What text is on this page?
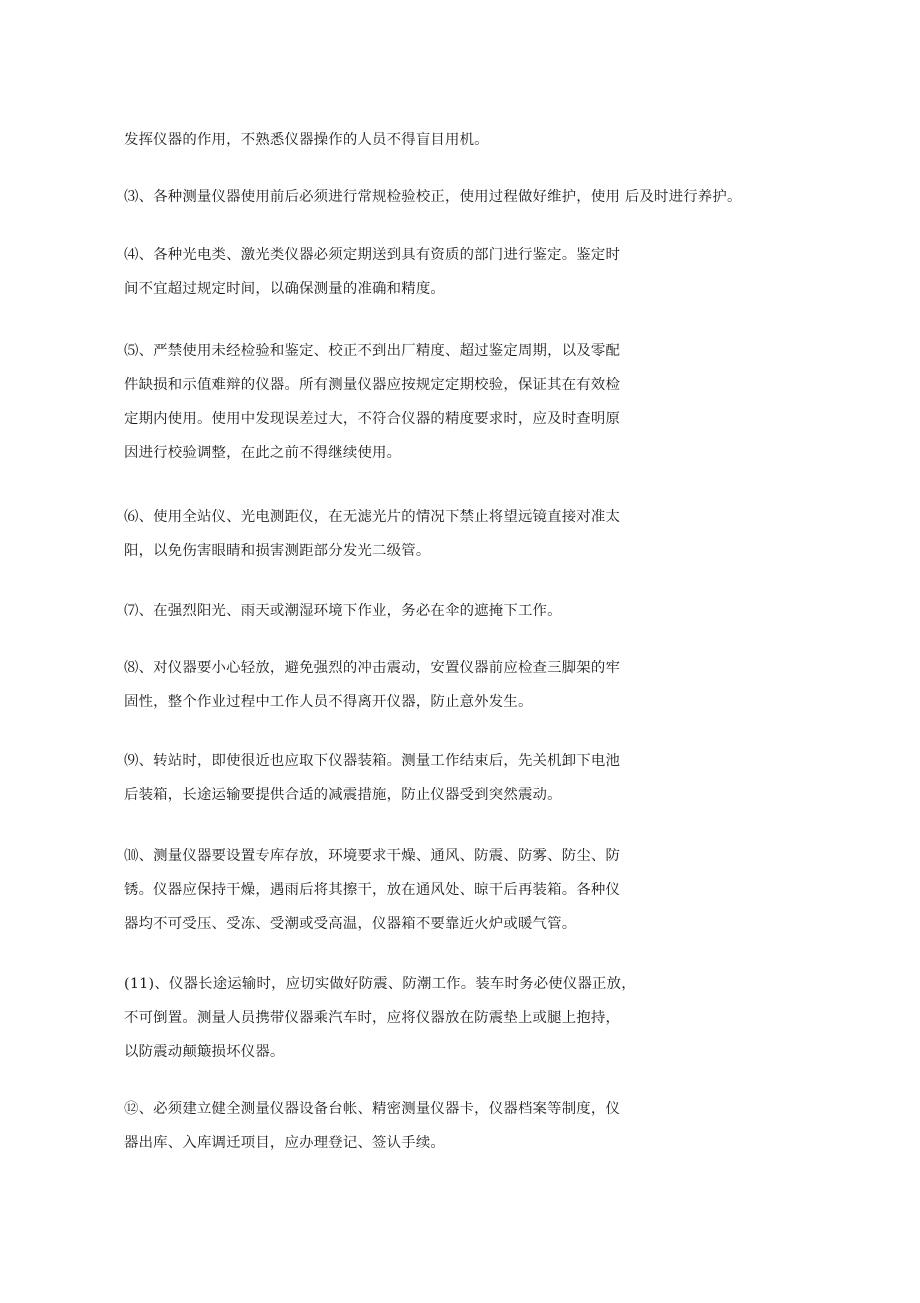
发挥仪器的作用，不熟悉仪器操作的人员不得盲目用机。

⑶、各种测量仪器使用前后必须进行常规检验校正，使用过程做好维护，使用 后及时进行养护。

⑷、各种光电类、激光类仪器必须定期送到具有资质的部门进行鉴定。鉴定时
间不宜超过规定时间，以确保测量的准确和精度。

⑸、严禁使用未经检验和鉴定、校正不到出厂精度、超过鉴定周期，以及零配
件缺损和示值难辩的仪器。所有测量仪器应按规定定期校验，保证其在有效检
定期内使用。使用中发现误差过大，不符合仪器的精度要求时，应及时查明原
因进行校验调整，在此之前不得继续使用。

⑹、使用全站仪、光电测距仪，在无滤光片的情况下禁止将望远镜直接对准太
阳，以免伤害眼睛和损害测距部分发光二级管。

⑺、在强烈阳光、雨天或潮湿环境下作业，务必在伞的遮掩下工作。

⑻、对仪器要小心轻放，避免强烈的冲击震动，安置仪器前应检查三脚架的牢
固性，整个作业过程中工作人员不得离开仪器，防止意外发生。

⑼、转站时，即使很近也应取下仪器装箱。测量工作结束后，先关机卸下电池
后装箱，长途运输要提供合适的减震措施，防止仪器受到突然震动。

⑽、测量仪器要设置专库存放，环境要求干燥、通风、防震、防雾、防尘、防
锈。仪器应保持干燥，遇雨后将其擦干，放在通风处、晾干后再装箱。各种仪
器均不可受压、受冻、受潮或受高温，仪器箱不要靠近火炉或暖气管。

(11)、仪器长途运输时，应切实做好防震、防潮工作。装车时务必使仪器正放，
不可倒置。测量人员携带仪器乘汽车时，应将仪器放在防震垫上或腿上抱持，
以防震动颠簸损坏仪器。

⑫、必须建立健全测量仪器设备台帐、精密测量仪器卡，仪器档案等制度，仪
器出库、入库调迁项目，应办理登记、签认手续。
